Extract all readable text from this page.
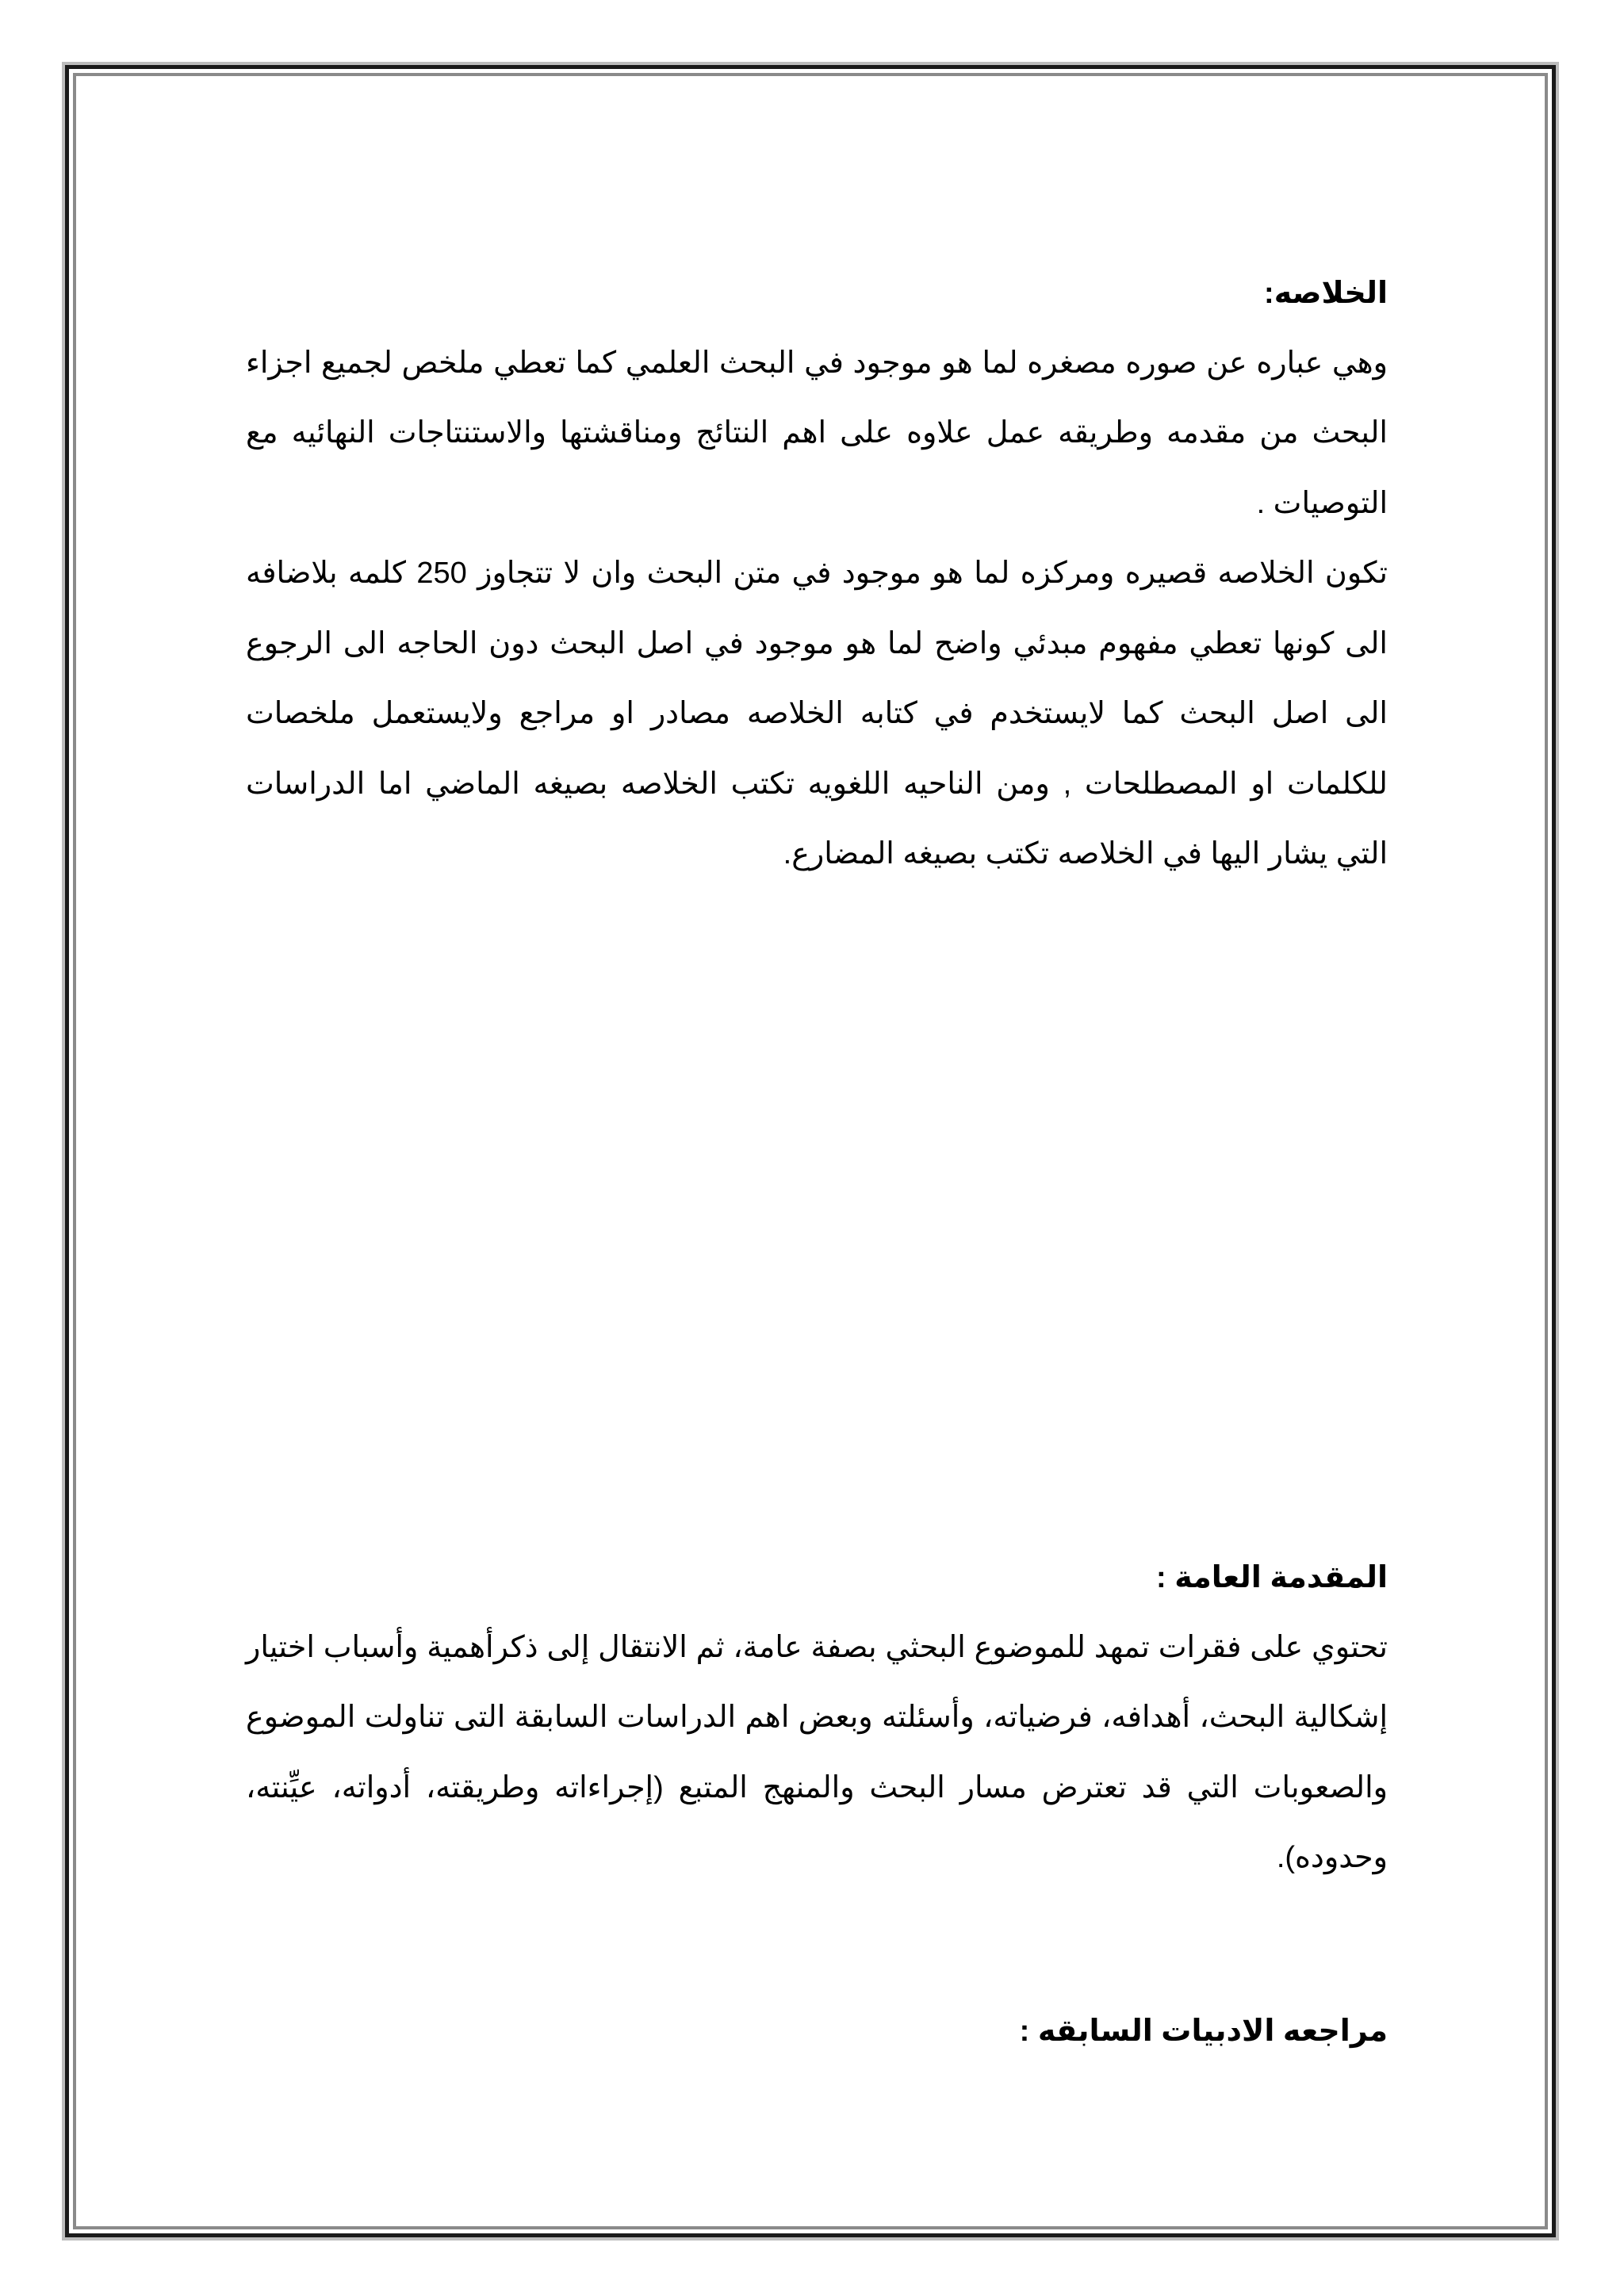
الخلاصه:

وهي عباره عن صوره مصغره لما هو موجود في البحث العلمي كما تعطي ملخص لجميع اجزاء البحث من مقدمه وطريقه عمل علاوه على اهم النتائج ومناقشتها والاستنتاجات النهائيه مع التوصيات .

تكون الخلاصه قصيره ومركزه لما هو موجود في متن البحث وان لا تتجاوز 250 كلمه بلاضافه الى كونها تعطي مفهوم مبدئي واضح لما هو موجود في اصل البحث دون الحاجه الى الرجوع الى اصل البحث كما لايستخدم في كتابه الخلاصه مصادر او مراجع ولايستعمل ملخصات للكلمات او المصطلحات , ومن الناحيه اللغويه تكتب الخلاصه بصيغه الماضي اما الدراسات التي يشار اليها في الخلاصه تكتب بصيغه المضارع.

المقدمة العامة :

تحتوي على فقرات تمهد للموضوع البحثي بصفة عامة، ثم الانتقال إلى ذكرأهمية وأسباب اختيار إشكالية البحث، أهدافه، فرضياته، وأسئلته وبعض اهم الدراسات السابقة التى تناولت الموضوع والصعوبات التي قد تعترض مسار البحث والمنهج المتبع (إجراءاته وطريقته، أدواته، عيِّنته، وحدوده).

مراجعه الادبيات السابقه :
